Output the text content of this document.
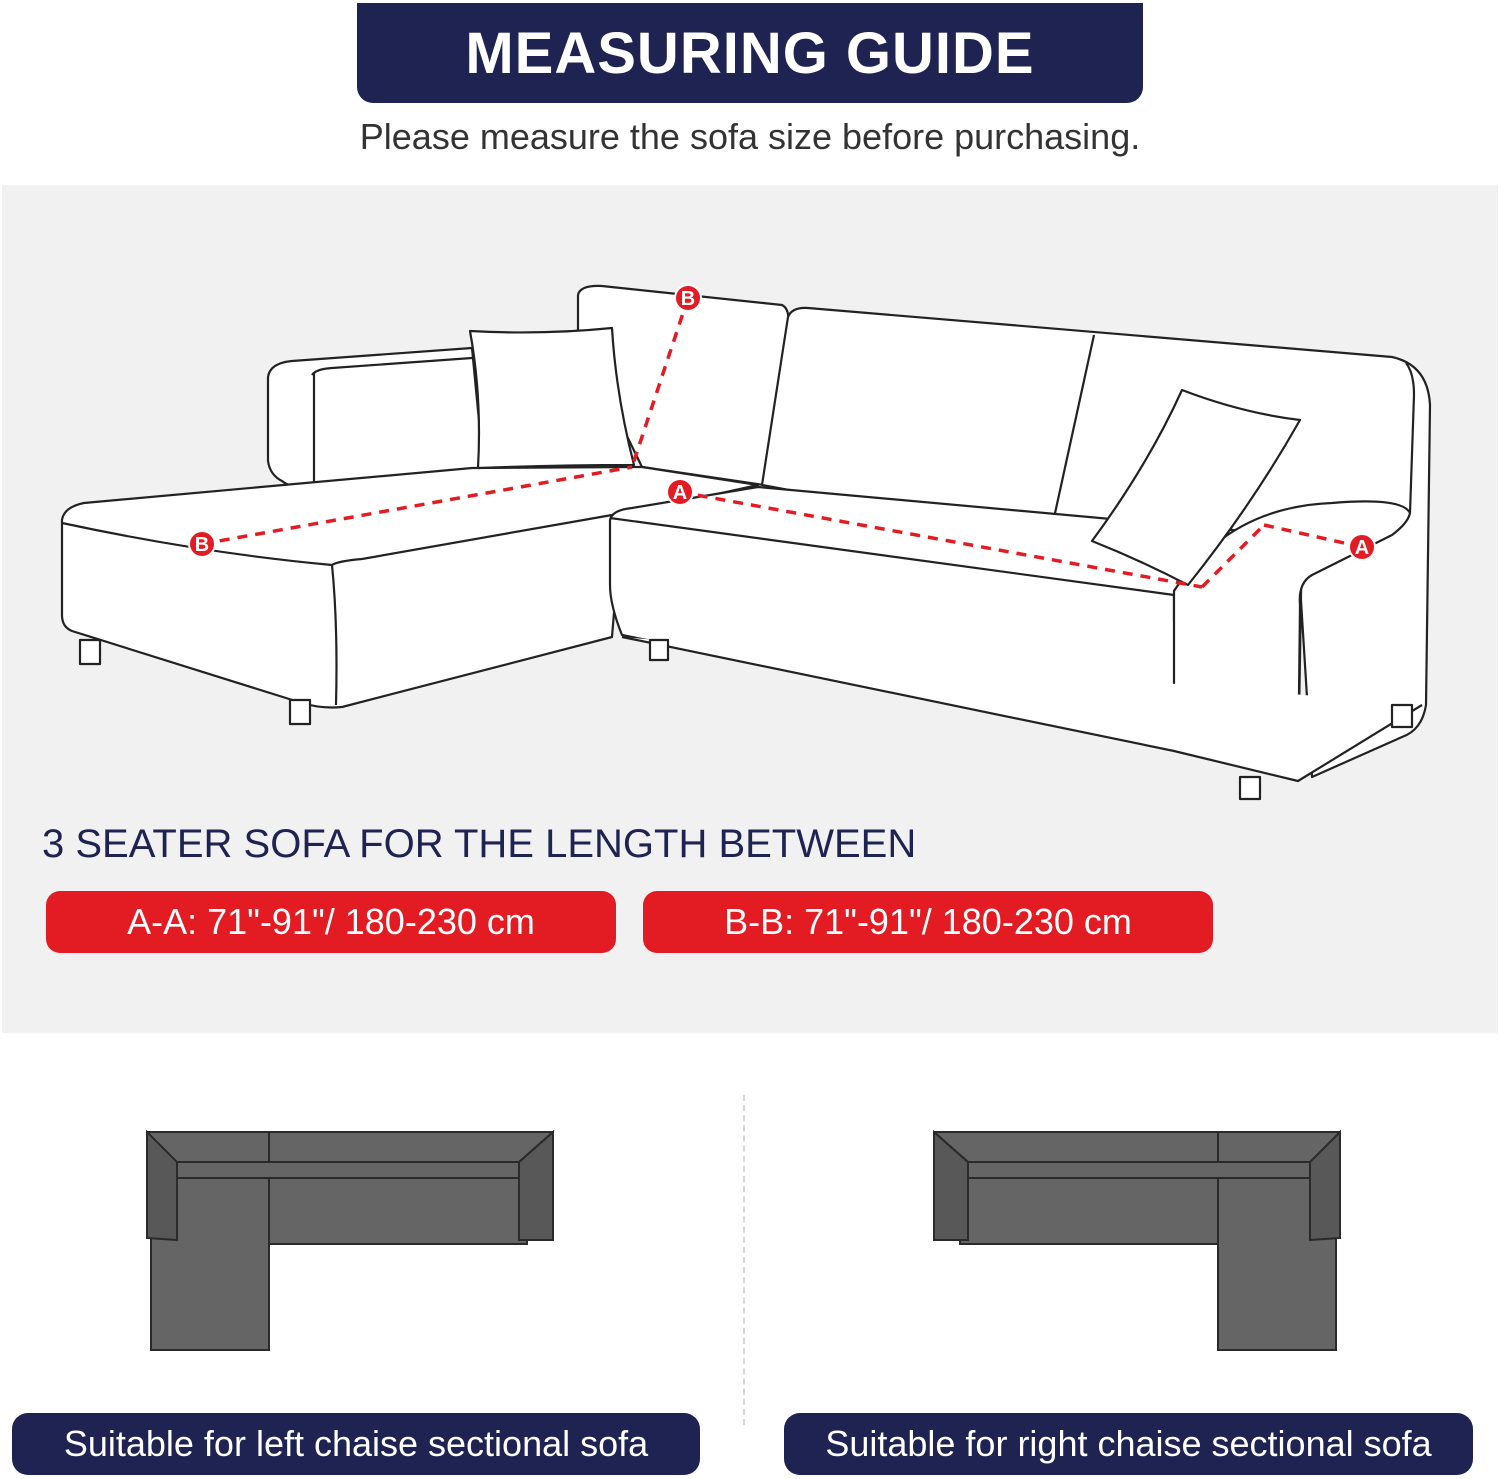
MEASURING GUIDE
Please measure the sofa size before purchasing.
B
B
A
A
3 SEATER SOFA FOR THE LENGTH BETWEEN
A-A: 71"-91"/ 180-230 cm	B-B: 71"-91"/ 180-230 cm
Suitable for left chaise sectional sofa	Suitable for right chaise sectional sofa
